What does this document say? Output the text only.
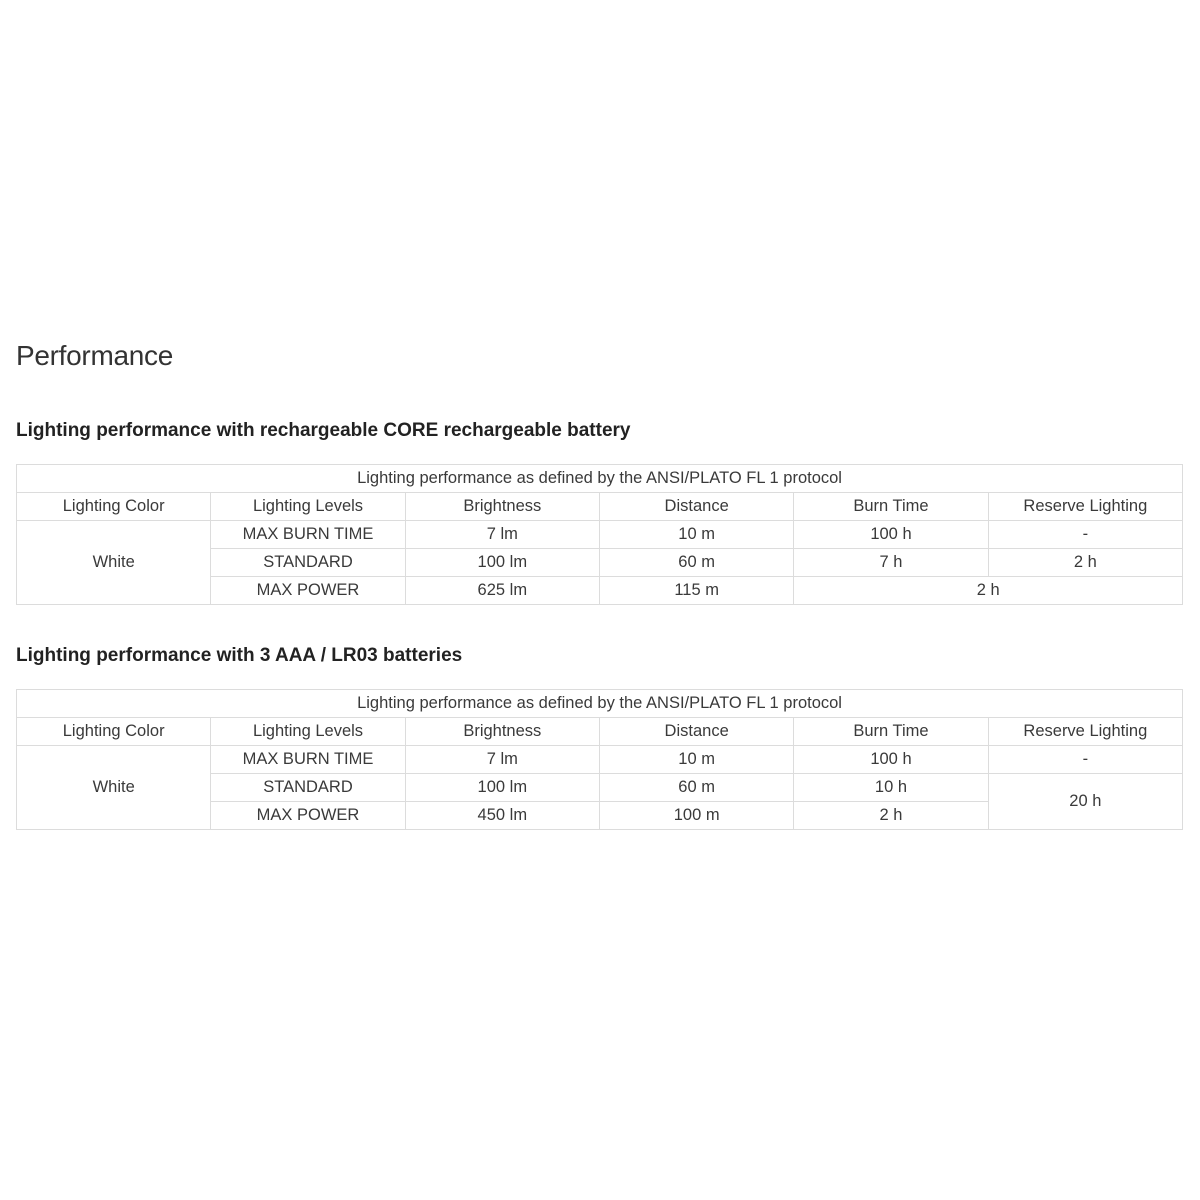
Performance
Lighting performance with rechargeable CORE rechargeable battery
Lighting performance as defined by the ANSI/PLATO FL 1 protocol					
Lighting Color	Lighting Levels	Brightness	Distance	Burn Time	Reserve Lighting
White	MAX BURN TIME	7 lm	10 m	100 h	-
	STANDARD	100 lm	60 m	7 h	2 h
	MAX POWER	625 lm	115 m	2 h	
Lighting performance with 3 AAA / LR03 batteries
Lighting performance as defined by the ANSI/PLATO FL 1 protocol					
Lighting Color	Lighting Levels	Brightness	Distance	Burn Time	Reserve Lighting
White	MAX BURN TIME	7 lm	10 m	100 h	-
	STANDARD	100 lm	60 m	10 h	20 h
	MAX POWER	450 lm	100 m	2 h	
